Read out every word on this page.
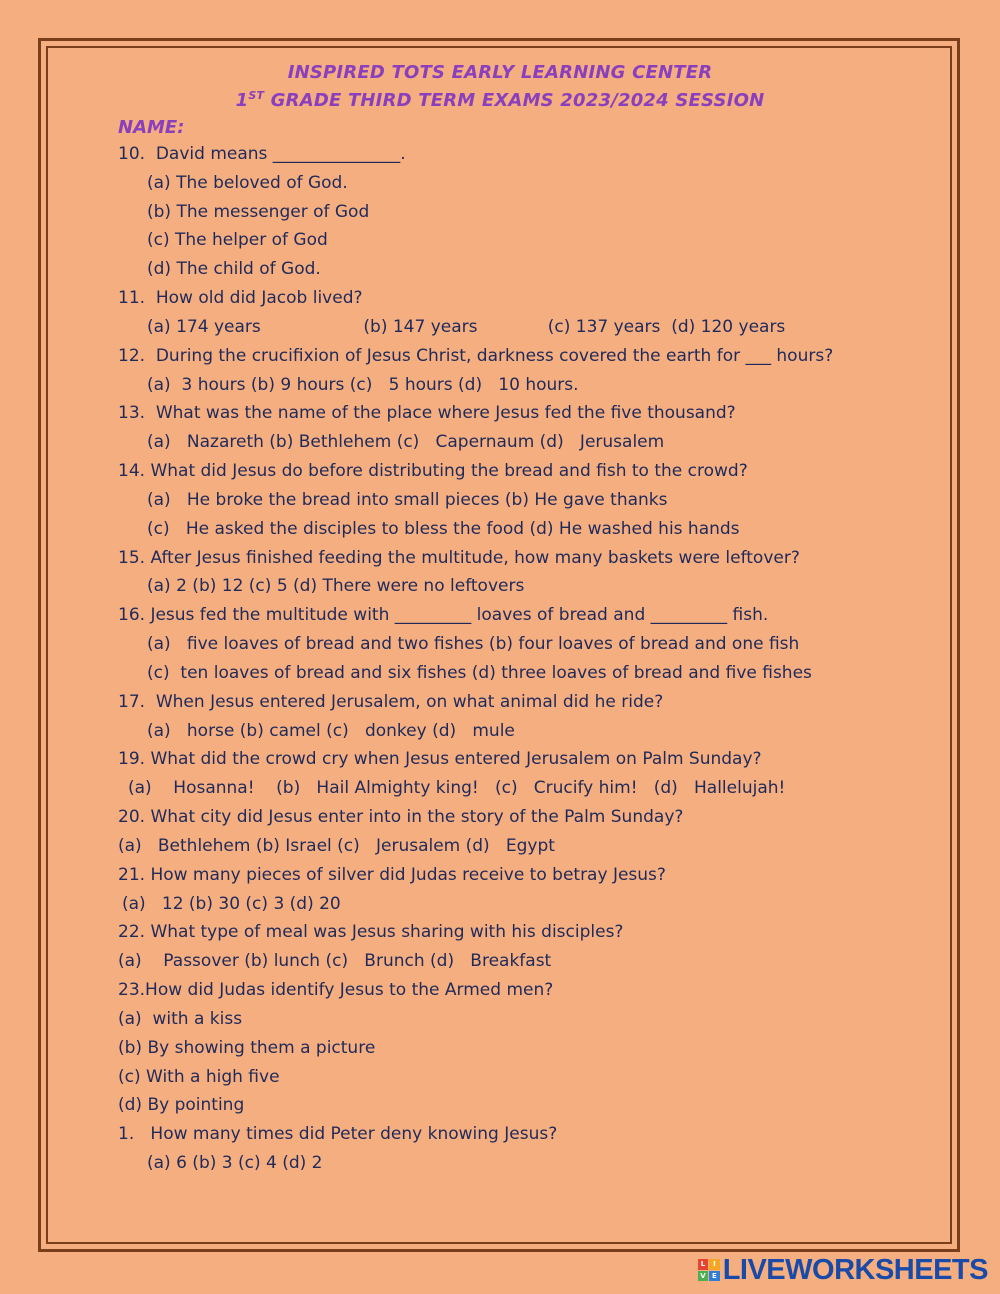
INSPIRED TOTS EARLY LEARNING CENTER
1ST GRADE THIRD TERM EXAMS 2023/2024 SESSION
NAME:
10.  David means _______________.
(a) The beloved of God.
(b) The messenger of God
(c) The helper of God
(d) The child of God.
11.  How old did Jacob lived?
(a) 174 years                   (b) 147 years             (c) 137 years  (d) 120 years
12.  During the crucifixion of Jesus Christ, darkness covered the earth for ___ hours?
(a)  3 hours (b) 9 hours (c)   5 hours (d)   10 hours.
13.  What was the name of the place where Jesus fed the five thousand?
(a)   Nazareth (b) Bethlehem (c)   Capernaum (d)   Jerusalem
14. What did Jesus do before distributing the bread and fish to the crowd?
(a)   He broke the bread into small pieces (b) He gave thanks
(c)   He asked the disciples to bless the food (d) He washed his hands
15. After Jesus finished feeding the multitude, how many baskets were leftover?
(a) 2 (b) 12 (c) 5 (d) There were no leftovers
16. Jesus fed the multitude with _________ loaves of bread and _________ fish.
(a)   five loaves of bread and two fishes (b) four loaves of bread and one fish
(c)  ten loaves of bread and six fishes (d) three loaves of bread and five fishes
17.  When Jesus entered Jerusalem, on what animal did he ride?
(a)   horse (b) camel (c)   donkey (d)   mule
19. What did the crowd cry when Jesus entered Jerusalem on Palm Sunday?
(a)    Hosanna!    (b)   Hail Almighty king!   (c)   Crucify him!   (d)   Hallelujah!
20. What city did Jesus enter into in the story of the Palm Sunday?
(a)   Bethlehem (b) Israel (c)   Jerusalem (d)   Egypt
21. How many pieces of silver did Judas receive to betray Jesus?
(a)   12 (b) 30 (c) 3 (d) 20
22. What type of meal was Jesus sharing with his disciples?
(a)    Passover (b) lunch (c)   Brunch (d)   Breakfast
23.How did Judas identify Jesus to the Armed men?
(a)  with a kiss
(b) By showing them a picture
(c) With a high five
(d) By pointing
1.   How many times did Peter deny knowing Jesus?
(a) 6 (b) 3 (c) 4 (d) 2
L	I
V E LIVEWORKSHEETS
